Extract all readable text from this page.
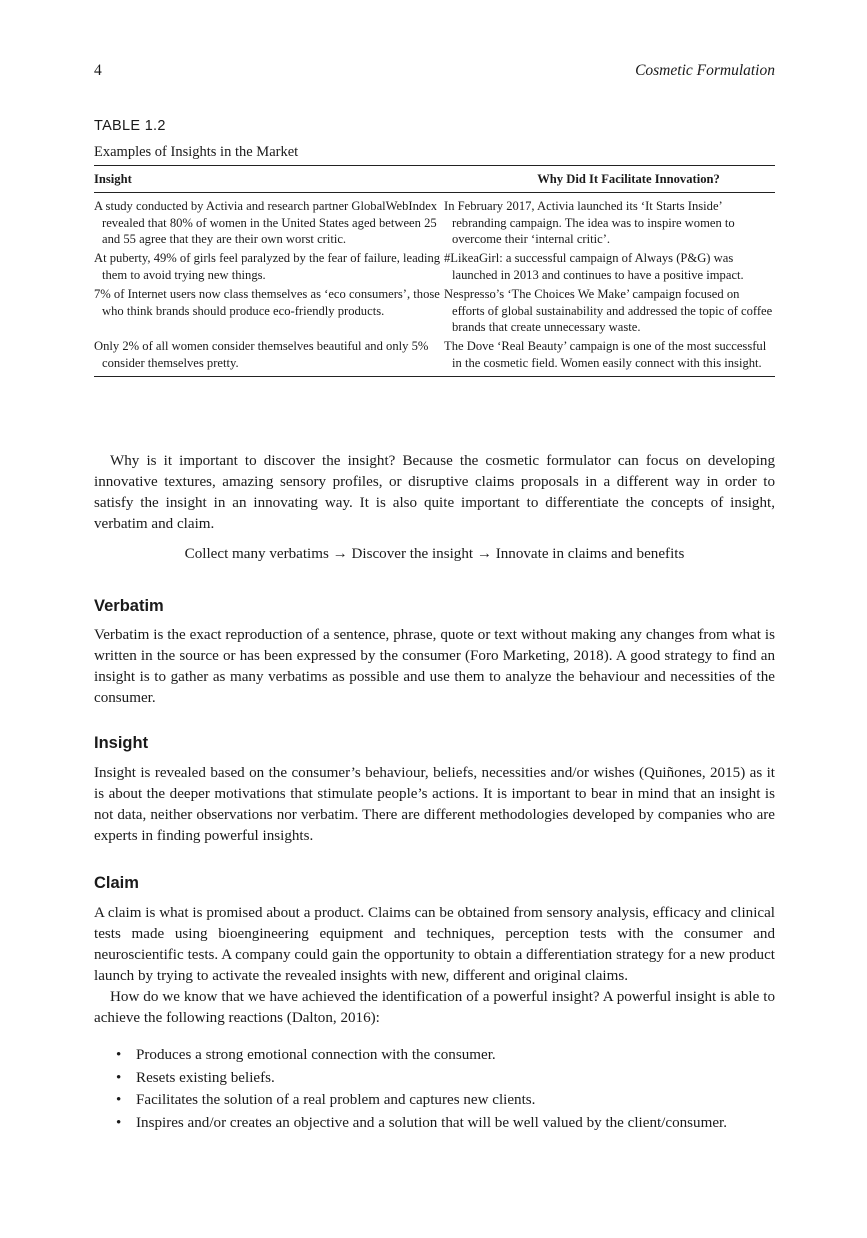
4	Cosmetic Formulation
TABLE 1.2
Examples of Insights in the Market
Insight	Why Did It Facilitate Innovation?

A study conducted by Activia and research partner GlobalWebIndex revealed that 80% of women in the United States aged between 25 and 55 agree that they are their own worst critic.	In February 2017, Activia launched its ‘It Starts Inside’ rebranding campaign. The idea was to inspire women to overcome their ‘internal critic’.

At puberty, 49% of girls feel paralyzed by the fear of failure, leading them to avoid trying new things.	#LikeaGirl: a successful campaign of Always (P&G) was launched in 2013 and continues to have a positive impact.

7% of Internet users now class themselves as ‘eco consumers’, those who think brands should produce eco-friendly products.	Nespresso’s ‘The Choices We Make’ campaign focused on efforts of global sustainability and addressed the topic of coffee brands that create unnecessary waste.

Only 2% of all women consider themselves beautiful and only 5% consider themselves pretty.	The Dove ‘Real Beauty’ campaign is one of the most successful in the cosmetic field. Women easily connect with this insight.

Why is it important to discover the insight? Because the cosmetic formulator can focus on developing innovative textures, amazing sensory profiles, or disruptive claims proposals in a different way in order to satisfy the insight in an innovating way. It is also quite important to differentiate the concepts of insight, verbatim and claim.

Collect many verbatims → Discover the insight → Innovate in claims and benefits
Verbatim

Verbatim is the exact reproduction of a sentence, phrase, quote or text without making any changes from what is written in the source or has been expressed by the consumer (Foro Marketing, 2018). A good strategy to find an insight is to gather as many verbatims as possible and use them to analyze the behaviour and necessities of the consumer.

Insight

Insight is revealed based on the consumer’s behaviour, beliefs, necessities and/or wishes (Quiñones, 2015) as it is about the deeper motivations that stimulate people’s actions. It is important to bear in mind that an insight is not data, neither observations nor verbatim. There are different methodologies developed by companies who are experts in finding powerful insights.

Claim

A claim is what is promised about a product. Claims can be obtained from sensory analysis, efficacy and clinical tests made using bioengineering equipment and techniques, perception tests with the consumer and neuroscientific tests. A company could gain the opportunity to obtain a differentiation strategy for a new product launch by trying to activate the revealed insights with new, different and original claims.

How do we know that we have achieved the identification of a powerful insight? A powerful insight is able to achieve the following reactions (Dalton, 2016):

• Produces a strong emotional connection with the consumer.
• Resets existing beliefs.
• Facilitates the solution of a real problem and captures new clients.
• Inspires and/or creates an objective and a solution that will be well valued by the client/consumer.
